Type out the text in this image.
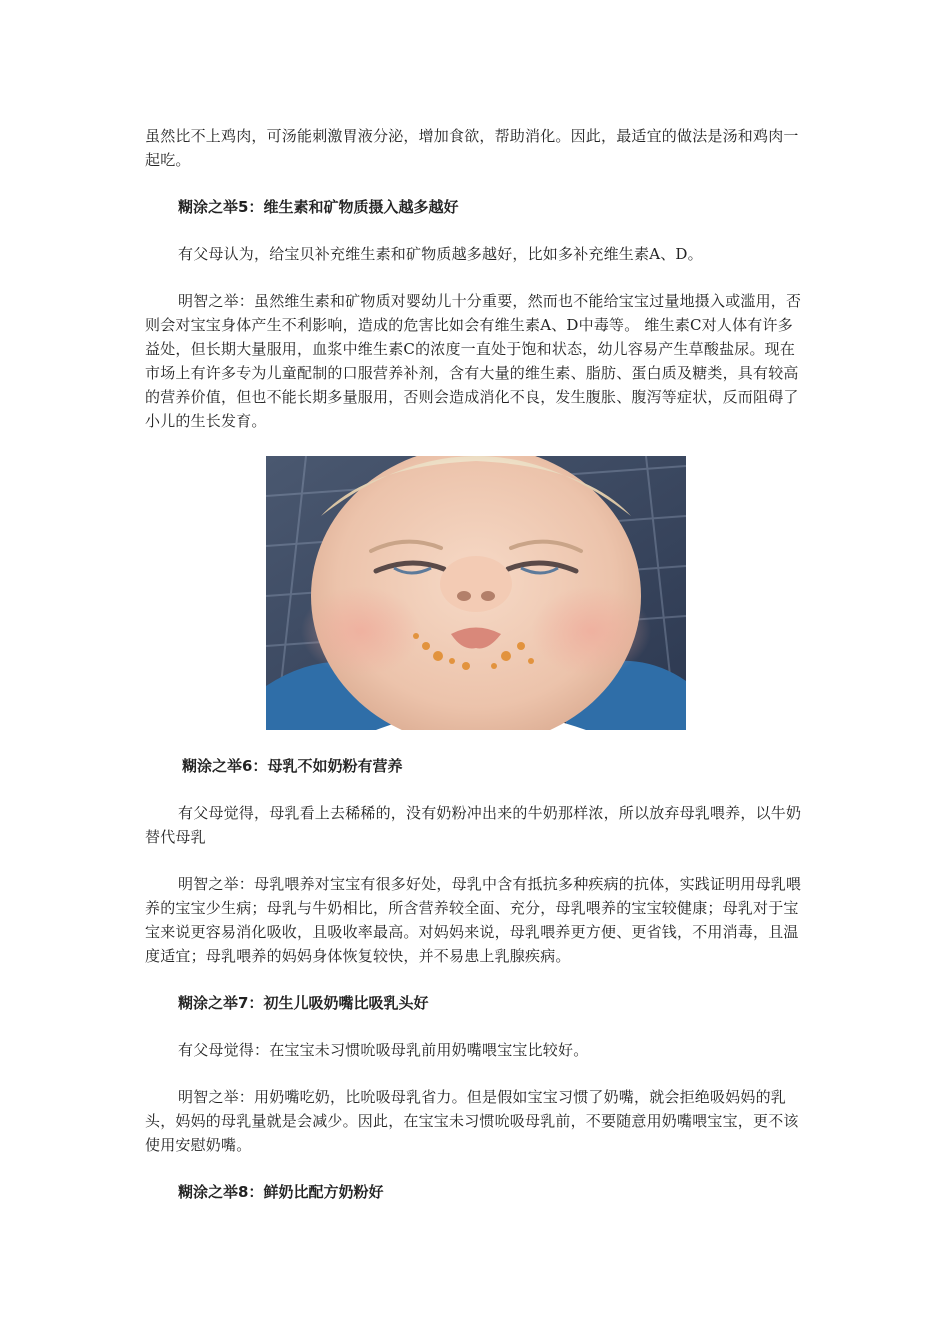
虽然比不上鸡肉，可汤能刺激胃液分泌，增加食欲，帮助消化。因此，最适宜的做法是汤和鸡肉一起吃。

糊涂之举5：维生素和矿物质摄入越多越好

有父母认为，给宝贝补充维生素和矿物质越多越好，比如多补充维生素A、D。

明智之举：虽然维生素和矿物质对婴幼儿十分重要，然而也不能给宝宝过量地摄入或滥用，否则会对宝宝身体产生不利影响，造成的危害比如会有维生素A、D中毒等。 维生素C对人体有许多益处，但长期大量服用，血浆中维生素C的浓度一直处于饱和状态，幼儿容易产生草酸盐尿。现在市场上有许多专为儿童配制的口服营养补剂，含有大量的维生素、脂肪、蛋白质及糖类，具有较高的营养价值，但也不能长期多量服用，否则会造成消化不良，发生腹胀、腹泻等症状，反而阻碍了小儿的生长发育。

糊涂之举6：母乳不如奶粉有营养

有父母觉得，母乳看上去稀稀的，没有奶粉冲出来的牛奶那样浓，所以放弃母乳喂养，以牛奶替代母乳

明智之举：母乳喂养对宝宝有很多好处，母乳中含有抵抗多种疾病的抗体，实践证明用母乳喂养的宝宝少生病；母乳与牛奶相比，所含营养较全面、充分，母乳喂养的宝宝较健康；母乳对于宝宝来说更容易消化吸收，且吸收率最高。对妈妈来说，母乳喂养更方便、更省钱，不用消毒，且温度适宜；母乳喂养的妈妈身体恢复较快，并不易患上乳腺疾病。

糊涂之举7：初生儿吸奶嘴比吸乳头好

有父母觉得：在宝宝未习惯吮吸母乳前用奶嘴喂宝宝比较好。

明智之举：用奶嘴吃奶，比吮吸母乳省力。但是假如宝宝习惯了奶嘴，就会拒绝吸妈妈的乳头，妈妈的母乳量就是会减少。因此，在宝宝未习惯吮吸母乳前，不要随意用奶嘴喂宝宝，更不该使用安慰奶嘴。

糊涂之举8：鲜奶比配方奶粉好
